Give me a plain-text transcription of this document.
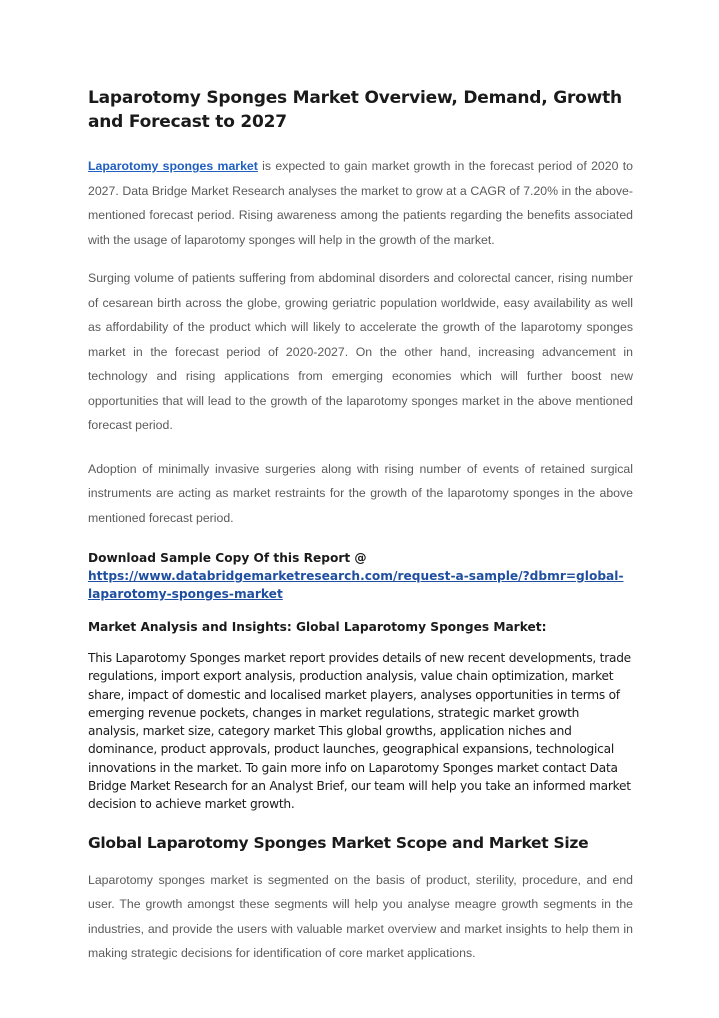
Laparotomy Sponges Market Overview, Demand, Growth and Forecast to 2027

Laparotomy sponges market is expected to gain market growth in the forecast period of 2020 to 2027. Data Bridge Market Research analyses the market to grow at a CAGR of 7.20% in the above-mentioned forecast period. Rising awareness among the patients regarding the benefits associated with the usage of laparotomy sponges will help in the growth of the market.

Surging volume of patients suffering from abdominal disorders and colorectal cancer, rising number of cesarean birth across the globe, growing geriatric population worldwide, easy availability as well as affordability of the product which will likely to accelerate the growth of the laparotomy sponges market in the forecast period of 2020-2027. On the other hand, increasing advancement in technology and rising applications from emerging economies which will further boost new opportunities that will lead to the growth of the laparotomy sponges market in the above mentioned forecast period.

Adoption of minimally invasive surgeries along with rising number of events of retained surgical instruments are acting as market restraints for the growth of the laparotomy sponges in the above mentioned forecast period.

Download Sample Copy Of this Report @
https://www.databridgemarketresearch.com/request-a-sample/?dbmr=global-laparotomy-sponges-market

Market Analysis and Insights: Global Laparotomy Sponges Market:

This Laparotomy Sponges market report provides details of new recent developments, trade regulations, import export analysis, production analysis, value chain optimization, market share, impact of domestic and localised market players, analyses opportunities in terms of emerging revenue pockets, changes in market regulations, strategic market growth analysis, market size, category market This global growths, application niches and dominance, product approvals, product launches, geographical expansions, technological innovations in the market. To gain more info on Laparotomy Sponges market contact Data Bridge Market Research for an Analyst Brief, our team will help you take an informed market decision to achieve market growth.

Global Laparotomy Sponges Market Scope and Market Size

Laparotomy sponges market is segmented on the basis of product, sterility, procedure, and end user. The growth amongst these segments will help you analyse meagre growth segments in the industries, and provide the users with valuable market overview and market insights to help them in making strategic decisions for identification of core market applications.
